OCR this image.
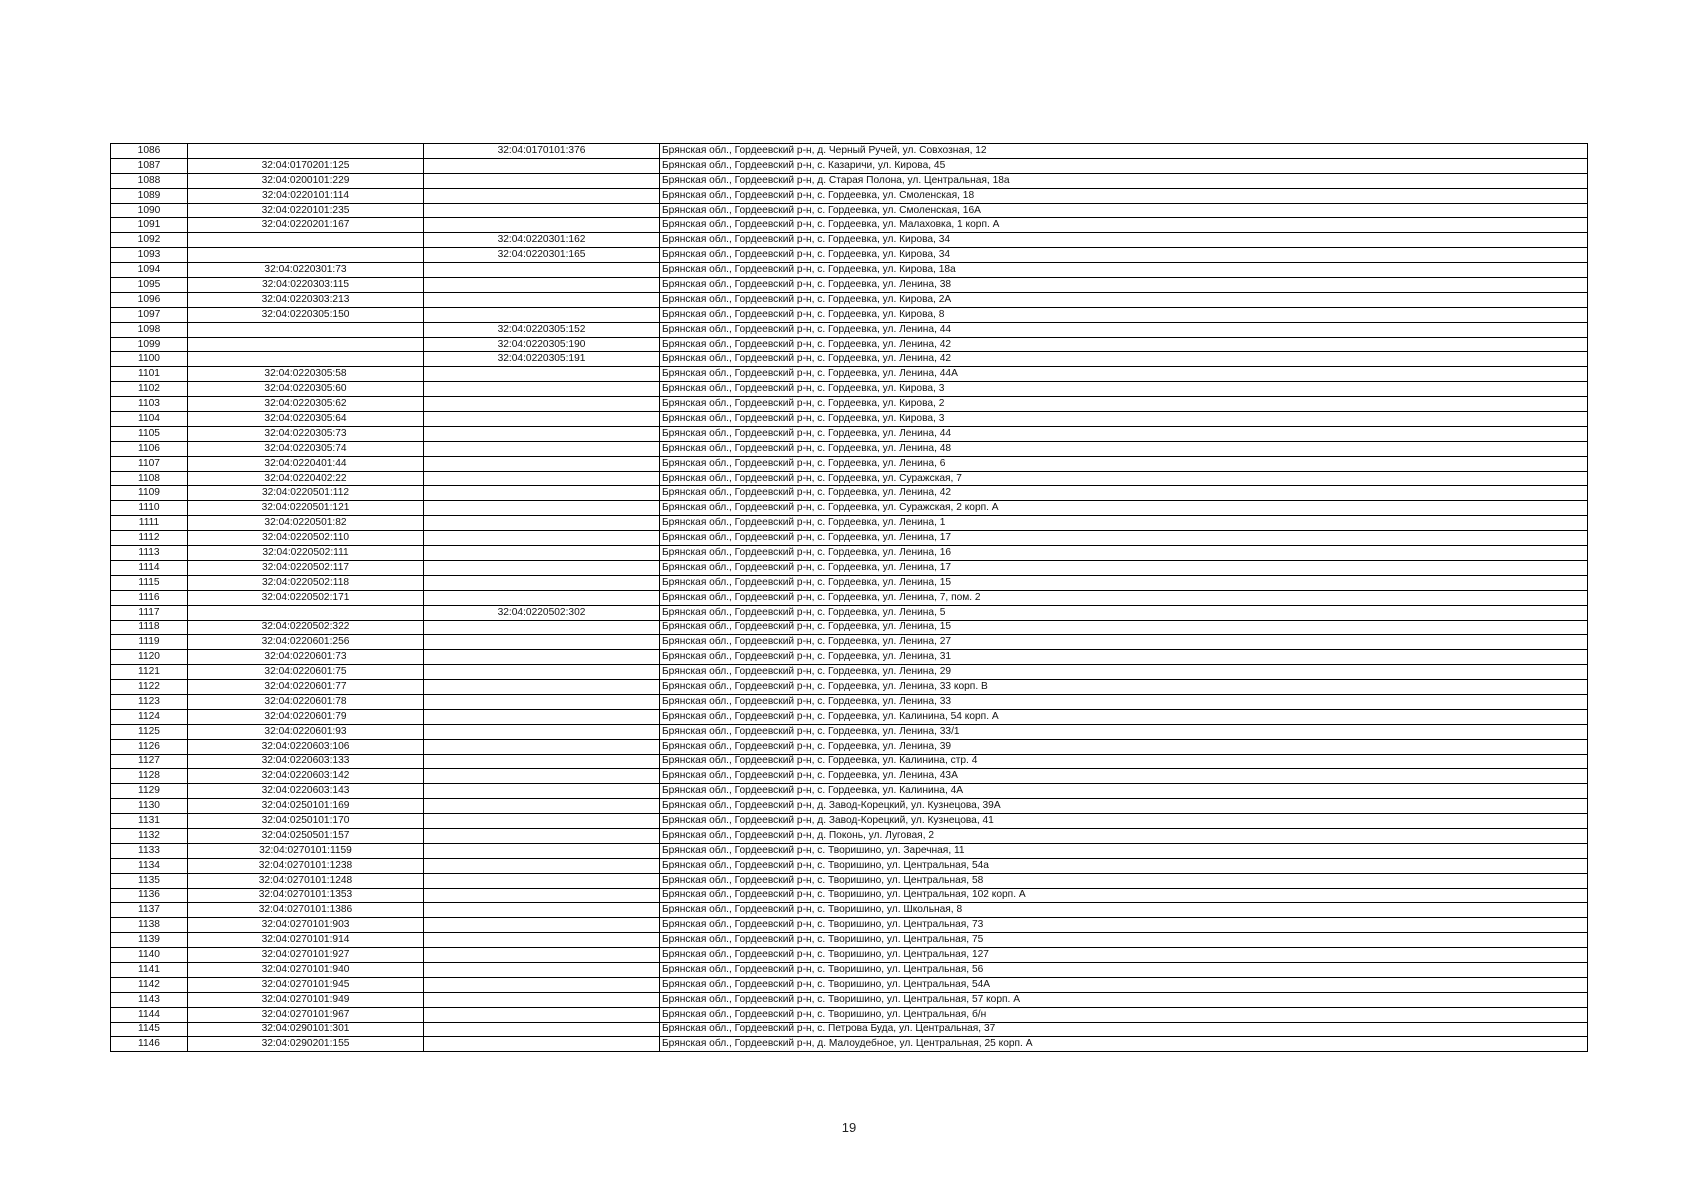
1086		32:04:0170101:376	Брянская обл., Гордеевский р-н, д. Черный Ручей, ул. Совхозная, 12
1087	32:04:0170201:125		Брянская обл., Гордеевский р-н, с. Казаричи, ул. Кирова, 45
1088	32:04:0200101:229		Брянская обл., Гордеевский р-н, д. Старая Полона, ул. Центральная, 18а
1089	32:04:0220101:114		Брянская обл., Гордеевский р-н, с. Гордеевка, ул. Смоленская, 18
1090	32:04:0220101:235		Брянская обл., Гордеевский р-н, с. Гордеевка, ул. Смоленская, 16А
1091	32:04:0220201:167		Брянская обл., Гордеевский р-н, с. Гордеевка, ул. Малаховка, 1 корп. А
1092		32:04:0220301:162	Брянская обл., Гордеевский р-н, с. Гордеевка, ул. Кирова, 34
1093		32:04:0220301:165	Брянская обл., Гордеевский р-н, с. Гордеевка, ул. Кирова, 34
1094	32:04:0220301:73		Брянская обл., Гордеевский р-н, с. Гордеевка, ул. Кирова, 18а
1095	32:04:0220303:115		Брянская обл., Гордеевский р-н, с. Гордеевка, ул. Ленина, 38
1096	32:04:0220303:213		Брянская обл., Гордеевский р-н, с. Гордеевка, ул. Кирова, 2А
1097	32:04:0220305:150		Брянская обл., Гордеевский р-н, с. Гордеевка, ул. Кирова, 8
1098		32:04:0220305:152	Брянская обл., Гордеевский р-н, с. Гордеевка, ул. Ленина, 44
1099		32:04:0220305:190	Брянская обл., Гордеевский р-н, с. Гордеевка, ул. Ленина, 42
1100		32:04:0220305:191	Брянская обл., Гордеевский р-н, с. Гордеевка, ул. Ленина, 42
1101	32:04:0220305:58		Брянская обл., Гордеевский р-н, с. Гордеевка, ул. Ленина, 44А
1102	32:04:0220305:60		Брянская обл., Гордеевский р-н, с. Гордеевка, ул. Кирова, 3
1103	32:04:0220305:62		Брянская обл., Гордеевский р-н, с. Гордеевка, ул. Кирова, 2
1104	32:04:0220305:64		Брянская обл., Гордеевский р-н, с. Гордеевка, ул. Кирова, 3
1105	32:04:0220305:73		Брянская обл., Гордеевский р-н, с. Гордеевка, ул. Ленина, 44
1106	32:04:0220305:74		Брянская обл., Гордеевский р-н, с. Гордеевка, ул. Ленина, 48
1107	32:04:0220401:44		Брянская обл., Гордеевский р-н, с. Гордеевка, ул. Ленина, 6
1108	32:04:0220402:22		Брянская обл., Гордеевский р-н, с. Гордеевка, ул. Суражская, 7
1109	32:04:0220501:112		Брянская обл., Гордеевский р-н, с. Гордеевка, ул. Ленина, 42
1110	32:04:0220501:121		Брянская обл., Гордеевский р-н, с. Гордеевка, ул. Суражская, 2 корп. А
1111	32:04:0220501:82		Брянская обл., Гордеевский р-н, с. Гордеевка, ул. Ленина, 1
1112	32:04:0220502:110		Брянская обл., Гордеевский р-н, с. Гордеевка, ул. Ленина, 17
1113	32:04:0220502:111		Брянская обл., Гордеевский р-н, с. Гордеевка, ул. Ленина, 16
1114	32:04:0220502:117		Брянская обл., Гордеевский р-н, с. Гордеевка, ул. Ленина, 17
1115	32:04:0220502:118		Брянская обл., Гордеевский р-н, с. Гордеевка, ул. Ленина, 15
1116	32:04:0220502:171		Брянская обл., Гордеевский р-н, с. Гордеевка, ул. Ленина, 7, пом. 2
1117		32:04:0220502:302	Брянская обл., Гордеевский р-н, с. Гордеевка, ул. Ленина, 5
1118	32:04:0220502:322		Брянская обл., Гордеевский р-н, с. Гордеевка, ул. Ленина, 15
1119	32:04:0220601:256		Брянская обл., Гордеевский р-н, с. Гордеевка, ул. Ленина, 27
1120	32:04:0220601:73		Брянская обл., Гордеевский р-н, с. Гордеевка, ул. Ленина, 31
1121	32:04:0220601:75		Брянская обл., Гордеевский р-н, с. Гордеевка, ул. Ленина, 29
1122	32:04:0220601:77		Брянская обл., Гордеевский р-н, с. Гордеевка, ул. Ленина, 33 корп. В
1123	32:04:0220601:78		Брянская обл., Гордеевский р-н, с. Гордеевка, ул. Ленина, 33
1124	32:04:0220601:79		Брянская обл., Гордеевский р-н, с. Гордеевка, ул. Калинина, 54 корп. А
1125	32:04:0220601:93		Брянская обл., Гордеевский р-н, с. Гордеевка, ул. Ленина, 33/1
1126	32:04:0220603:106		Брянская обл., Гордеевский р-н, с. Гордеевка, ул. Ленина, 39
1127	32:04:0220603:133		Брянская обл., Гордеевский р-н, с. Гордеевка, ул. Калинина, стр. 4
1128	32:04:0220603:142		Брянская обл., Гордеевский р-н, с. Гордеевка, ул. Ленина, 43А
1129	32:04:0220603:143		Брянская обл., Гордеевский р-н, с. Гордеевка, ул. Калинина, 4А
1130	32:04:0250101:169		Брянская обл., Гордеевский р-н, д. Завод-Корецкий, ул. Кузнецова, 39А
1131	32:04:0250101:170		Брянская обл., Гордеевский р-н, д. Завод-Корецкий, ул. Кузнецова, 41
1132	32:04:0250501:157		Брянская обл., Гордеевский р-н, д. Поконь, ул. Луговая, 2
1133	32:04:0270101:1159		Брянская обл., Гордеевский р-н, с. Творишино, ул. Заречная, 11
1134	32:04:0270101:1238		Брянская обл., Гордеевский р-н, с. Творишино, ул. Центральная, 54а
1135	32:04:0270101:1248		Брянская обл., Гордеевский р-н, с. Творишино, ул. Центральная, 58
1136	32:04:0270101:1353		Брянская обл., Гордеевский р-н, с. Творишино, ул. Центральная, 102 корп. А
1137	32:04:0270101:1386		Брянская обл., Гордеевский р-н, с. Творишино, ул. Школьная, 8
1138	32:04:0270101:903		Брянская обл., Гордеевский р-н, с. Творишино, ул. Центральная, 73
1139	32:04:0270101:914		Брянская обл., Гордеевский р-н, с. Творишино, ул. Центральная, 75
1140	32:04:0270101:927		Брянская обл., Гордеевский р-н, с. Творишино, ул. Центральная, 127
1141	32:04:0270101:940		Брянская обл., Гордеевский р-н, с. Творишино, ул. Центральная, 56
1142	32:04:0270101:945		Брянская обл., Гордеевский р-н, с. Творишино, ул. Центральная, 54А
1143	32:04:0270101:949		Брянская обл., Гордеевский р-н, с. Творишино, ул. Центральная, 57 корп. А
1144	32:04:0270101:967		Брянская обл., Гордеевский р-н, с. Творишино, ул. Центральная, б/н
1145	32:04:0290101:301		Брянская обл., Гордеевский р-н, с. Петрова Буда, ул. Центральная, 37
1146	32:04:0290201:155		Брянская обл., Гордеевский р-н, д. Малоудебное, ул. Центральная, 25 корп. А
19
